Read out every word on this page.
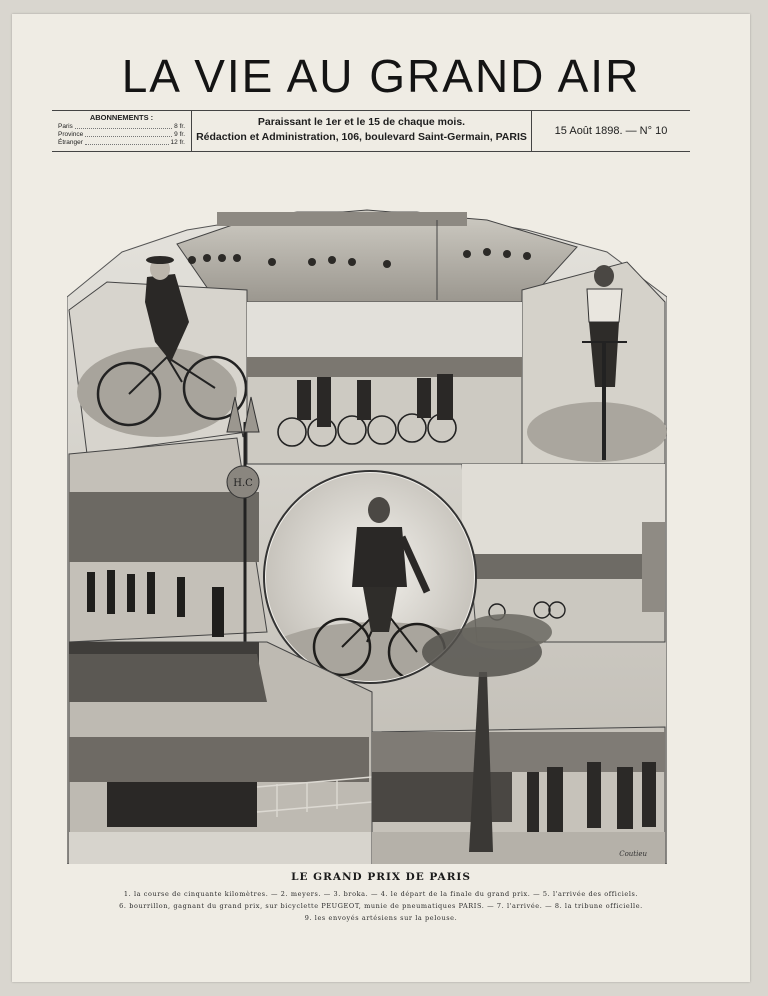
LA VIE AU GRAND AIR
ABONNEMENTS :
Paris	8 fr.
Province	9 fr.
Étranger	12 fr.
Paraissant le 1er et le 15 de chaque mois.
Rédaction et Administration, 106, boulevard Saint-Germain, PARIS	15 Août 1898. — N° 10
H.C
Coutieu
LE GRAND PRIX DE PARIS
1. la course de cinquante kilomètres. — 2. meyers. — 3. broka. — 4. le départ de la finale du grand prix. — 5. l'arrivée des officiels.
6. bourrillon, gagnant du grand prix, sur bicyclette PEUGEOT, munie de pneumatiques PARIS. — 7. l'arrivée. — 8. la tribune officielle.
9. les envoyés artésiens sur la pelouse.
